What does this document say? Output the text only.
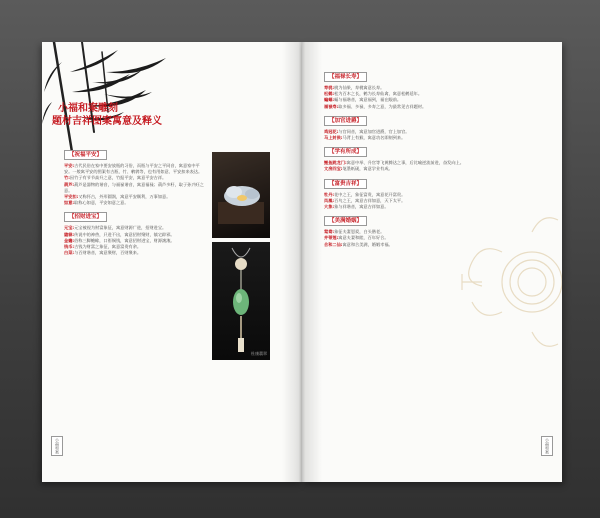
小福和案雕刻
题材吉祥图案寓意及释义
【祝福平安】
平安:古代民俗在家中要安放瓶的习俗，而瓶与平安之平同音，寓意家中平安。一般寓平安的图案有古瓶、竹、鹌鹑等，也有用如意、平安扣来表达。
竹:因竹子有节节高升之意，竹报平安，寓意平安吉祥。
葫芦:葫芦是器物的谐音，与福禄谐音，寓意福禄；葫芦多籽，取子孙兴旺之意。
平安扣:又称怀古，外形圆润，寓意平安顺利，万事如意。
如意:取称心如意，平安如意之意。
【招财进宝】
元宝:元宝被视为财富象征，寓意财源广进，招财进宝。
貔貅:传说中的神兽，只进不出，寓意招财聚财，镇宅辟邪。
金蟾:俗称三脚蟾蜍，口衔铜钱，寓意招财进宝，财源滚滚。
钱币:古钱为财富之象征，寓意富贵有余。
白菜:与百财谐音，寓意聚财，百财聚来。
杜康翡翠
小福和案
【福禄长寿】
寿桃:桃为仙果，寿桃寓意长寿。
松鹤:松为百木之长，鹤为长寿仙禽，寓意松鹤延年。
蝙蝠:蝠与福谐音，寓意福到，福在眼前。
福禄寿:取多福、多禄、多寿之意，为最常见吉祥题材。
【加官进爵】
鸡冠花:与官同音，寓意加官进爵，官上加官。
马上封侯:马背上有猴，寓意功名即刻到来。
【学有所成】
鲤鱼跳龙门:寓意中举、升官等飞黄腾达之事，后比喻逆流前进，奋发向上。
文房四宝:笔墨纸砚，寓意学业有成。
【富贵吉祥】
牡丹:花中之王，象征富贵，寓意花开富贵。
凤凰:百鸟之王，寓意吉祥如意，天下太平。
大象:象与祥谐音，寓意吉祥如意。
【美满婚姻】
鸳鸯:象征夫妻恩爱，白头偕老。
并蒂莲:寓意夫妻和睦，百年好合。
合和二仙:寓意和合美满，婚姻幸福。
小福和案
